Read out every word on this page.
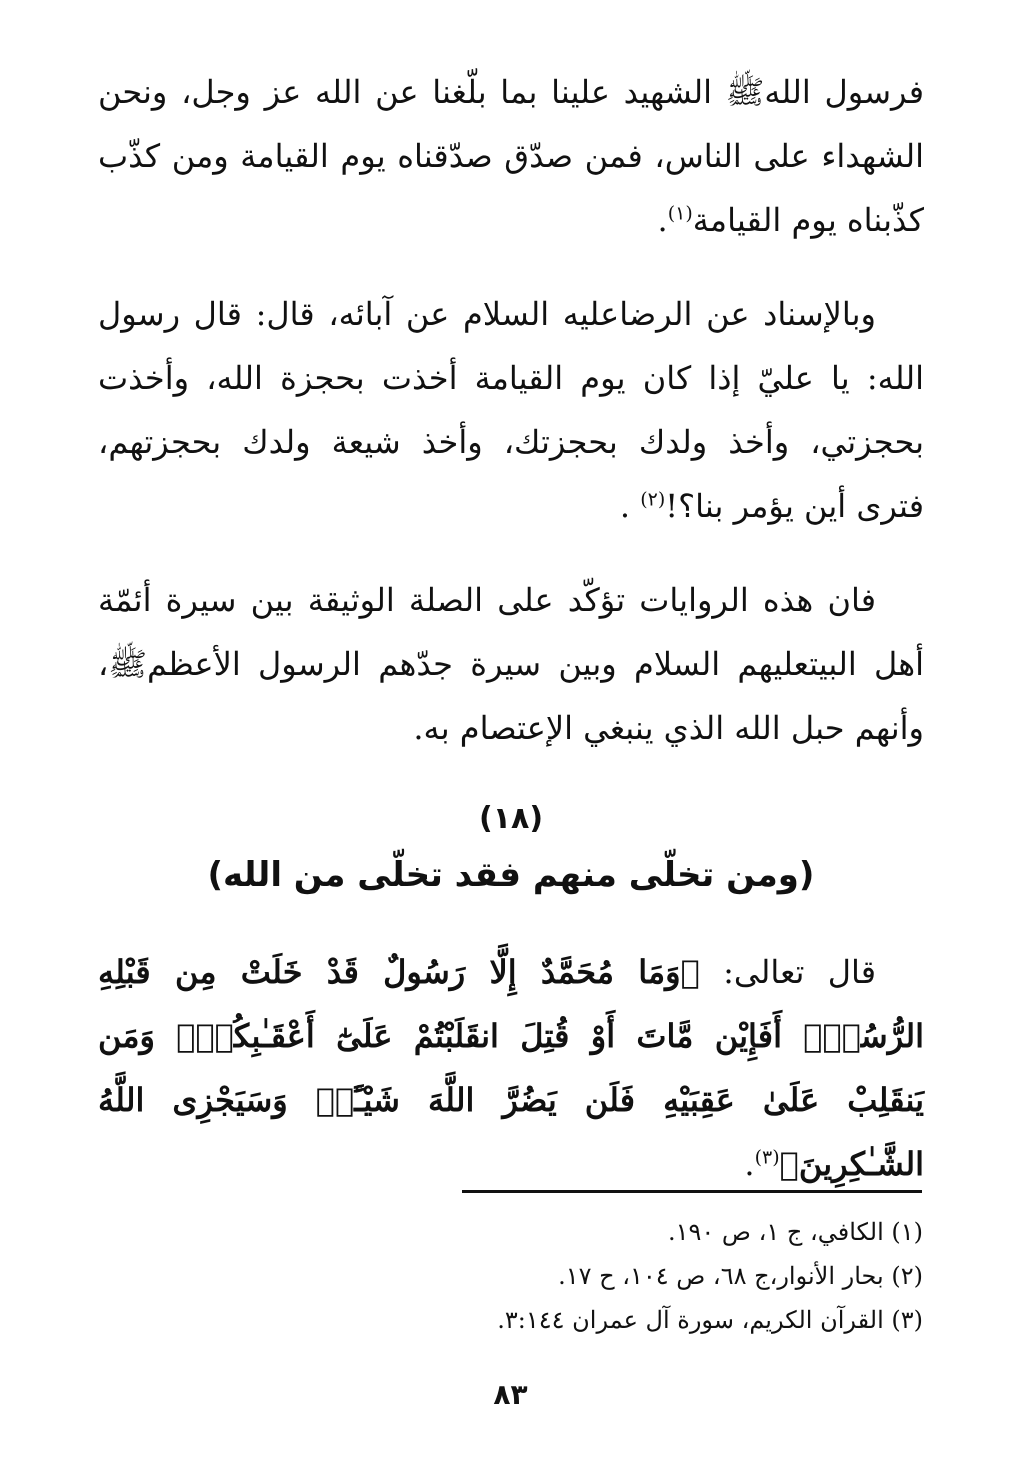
فرسول اللهﷺ الشهيد علينا بما بلّغنا عن الله عز وجل، ونحن الشهداء على الناس، فمن صدّق صدّقناه يوم القيامة ومن كذّب كذّبناه يوم القيامة$^{(١)}$.

وبالإسناد عن الرضاعليه السلام عن آبائه، قال: قال رسول الله: يا عليّ إذا كان يوم القيامة أخذت بحجزة الله، وأخذت بحجزتي، وأخذ ولدك بحجزتك، وأخذ شيعة ولدك بحجزتهم، فترى أين يؤمر بنا؟!$^{(٢)}$ .

فان هذه الروايات تؤكّد على الصلة الوثيقة بين سيرة أئمّة أهل البيتعليهم السلام وبين سيرة جدّهم الرسول الأعظمﷺ، وأنهم حبل الله الذي ينبغي الإعتصام به.

(١٨)
(ومن تخلّى منهم فقد تخلّى من الله)

قال تعالى: ﴿وَمَا مُحَمَّدٌ إِلَّا رَسُولٌ قَدْ خَلَتْ مِن قَبْلِهِ الرُّسُلُۚ أَفَإِيْن مَّاتَ أَوْ قُتِلَ انقَلَبْتُمْ عَلَىٰٓ أَعْقَـٰبِكُمْۚ وَمَن يَنقَلِبْ عَلَىٰ عَقِبَيْهِ فَلَن يَضُرَّ اللَّهَ شَيْـًٔاۗ وَسَيَجْزِى اللَّهُ الشَّـٰكِرِينَ﴾$^{(٣)}$.

(١) الكافي، ج ١، ص ١٩٠.
(٢) بحار الأنوار،ج ٦٨، ص ١٠٤، ح ١٧.
(٣) القرآن الكريم، سورة آل عمران ٣:١٤٤.
٨٣
